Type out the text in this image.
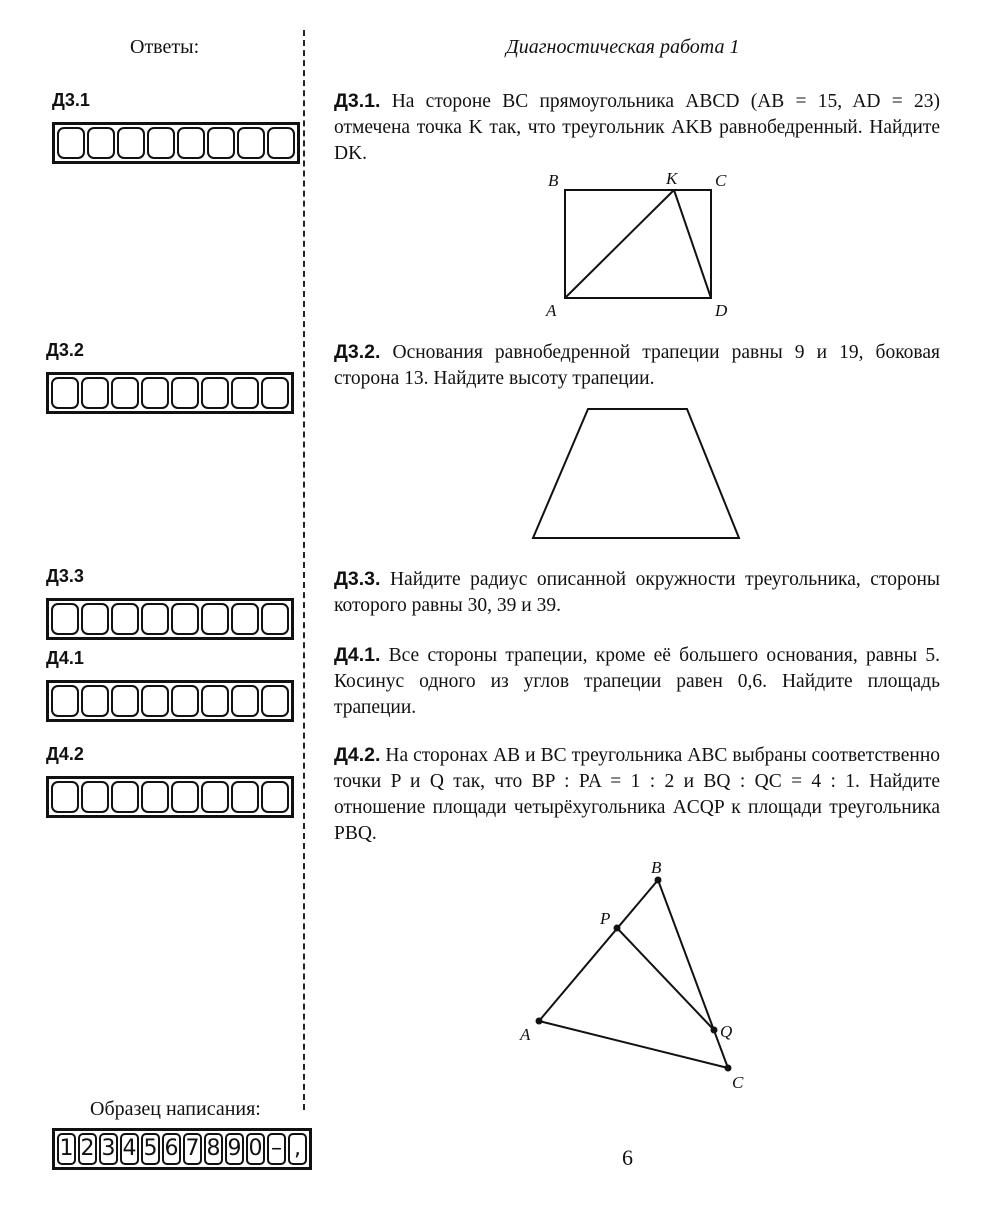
Ответы:	Диагностическая работа 1
Д3.1
Д3.2
Д3.3
Д4.1
Д4.2
Д3.1. На стороне BC прямоугольника ABCD (AB = 15, AD = 23) отмечена точка K так, что треугольник AKB равнобедренный. Найдите DK.
B	K C
A	D
Д3.2. Основания равнобедренной трапеции равны 9 и 19, боковая сторона 13. Найдите высоту трапеции.
Д3.3. Найдите радиус описанной окружности треугольника, стороны которого равны 30, 39 и 39.
Д4.1. Все стороны трапеции, кроме её большего основания, равны 5. Косинус одного из углов трапеции равен 0,6. Найдите площадь трапеции.
Д4.2. На сторонах AB и BC треугольника ABC выбраны соответственно точки P и Q так, что BP : PA = 1 : 2 и BQ : QC = 4 : 1. Найдите отношение площади четырёхугольника ACQP к площади треугольника PBQ.
B
P
A	Q
C
Образец написания:
1 2 3 4 5 6 7 8 9 0 – ,	6
